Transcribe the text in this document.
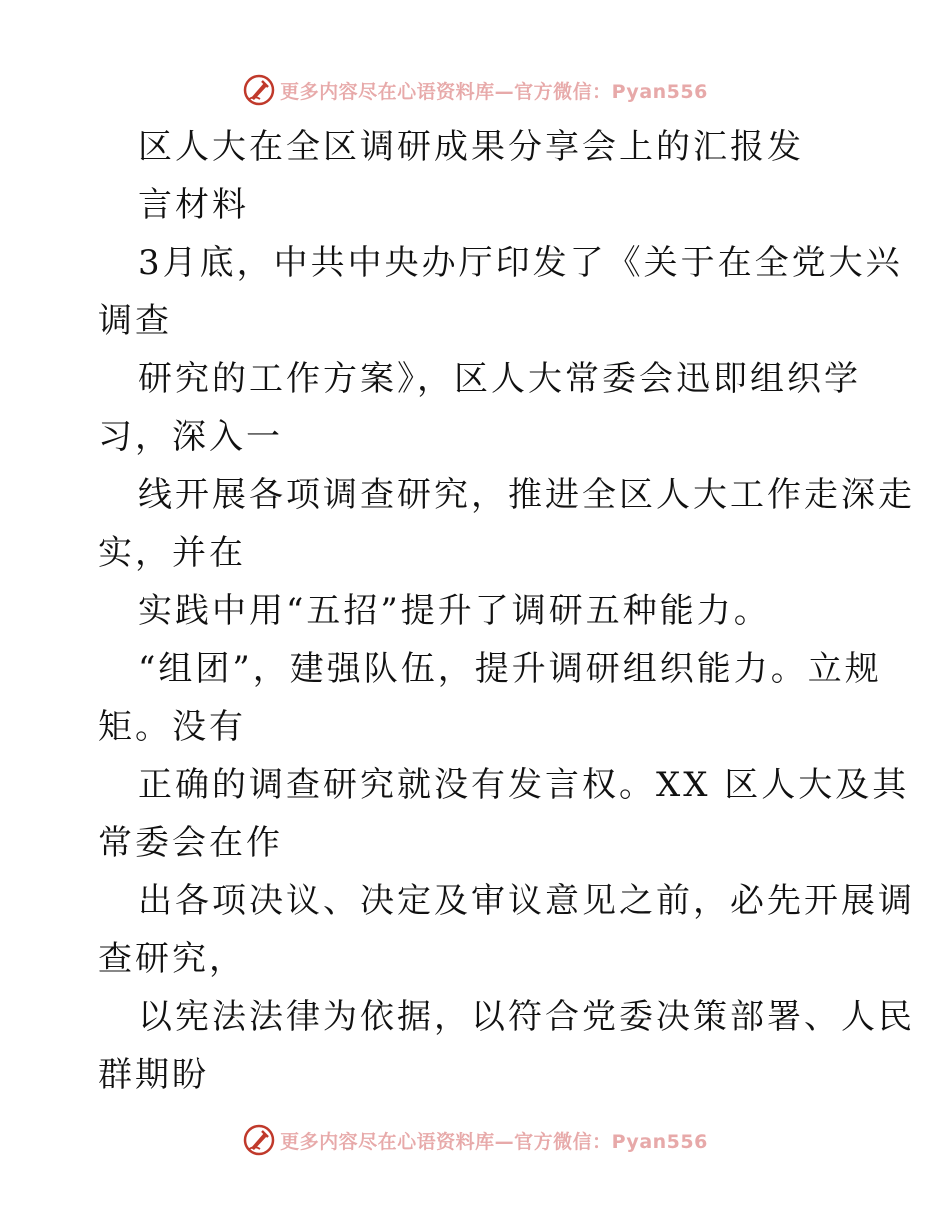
更多内容尽在心语资料库—官方微信：Pyan556

区人大在全区调研成果分享会上的汇报发

言材料

3月底，中共中央办厅印发了《关于在全党大兴

调查

研究的工作方案》，区人大常委会迅即组织学

习，深入一

线开展各项调查研究，推进全区人大工作走深走

实，并在

实践中用“五招”提升了调研五种能力。

“组团”，建强队伍，提升调研组织能力。立规

矩。没有

正确的调查研究就没有发言权。XX 区人大及其

常委会在作

出各项决议、决定及审议意见之前，必先开展调

查研究，

以宪法法律为依据，以符合党委决策部署、人民

群期盼

更多内容尽在心语资料库—官方微信：Pyan556
